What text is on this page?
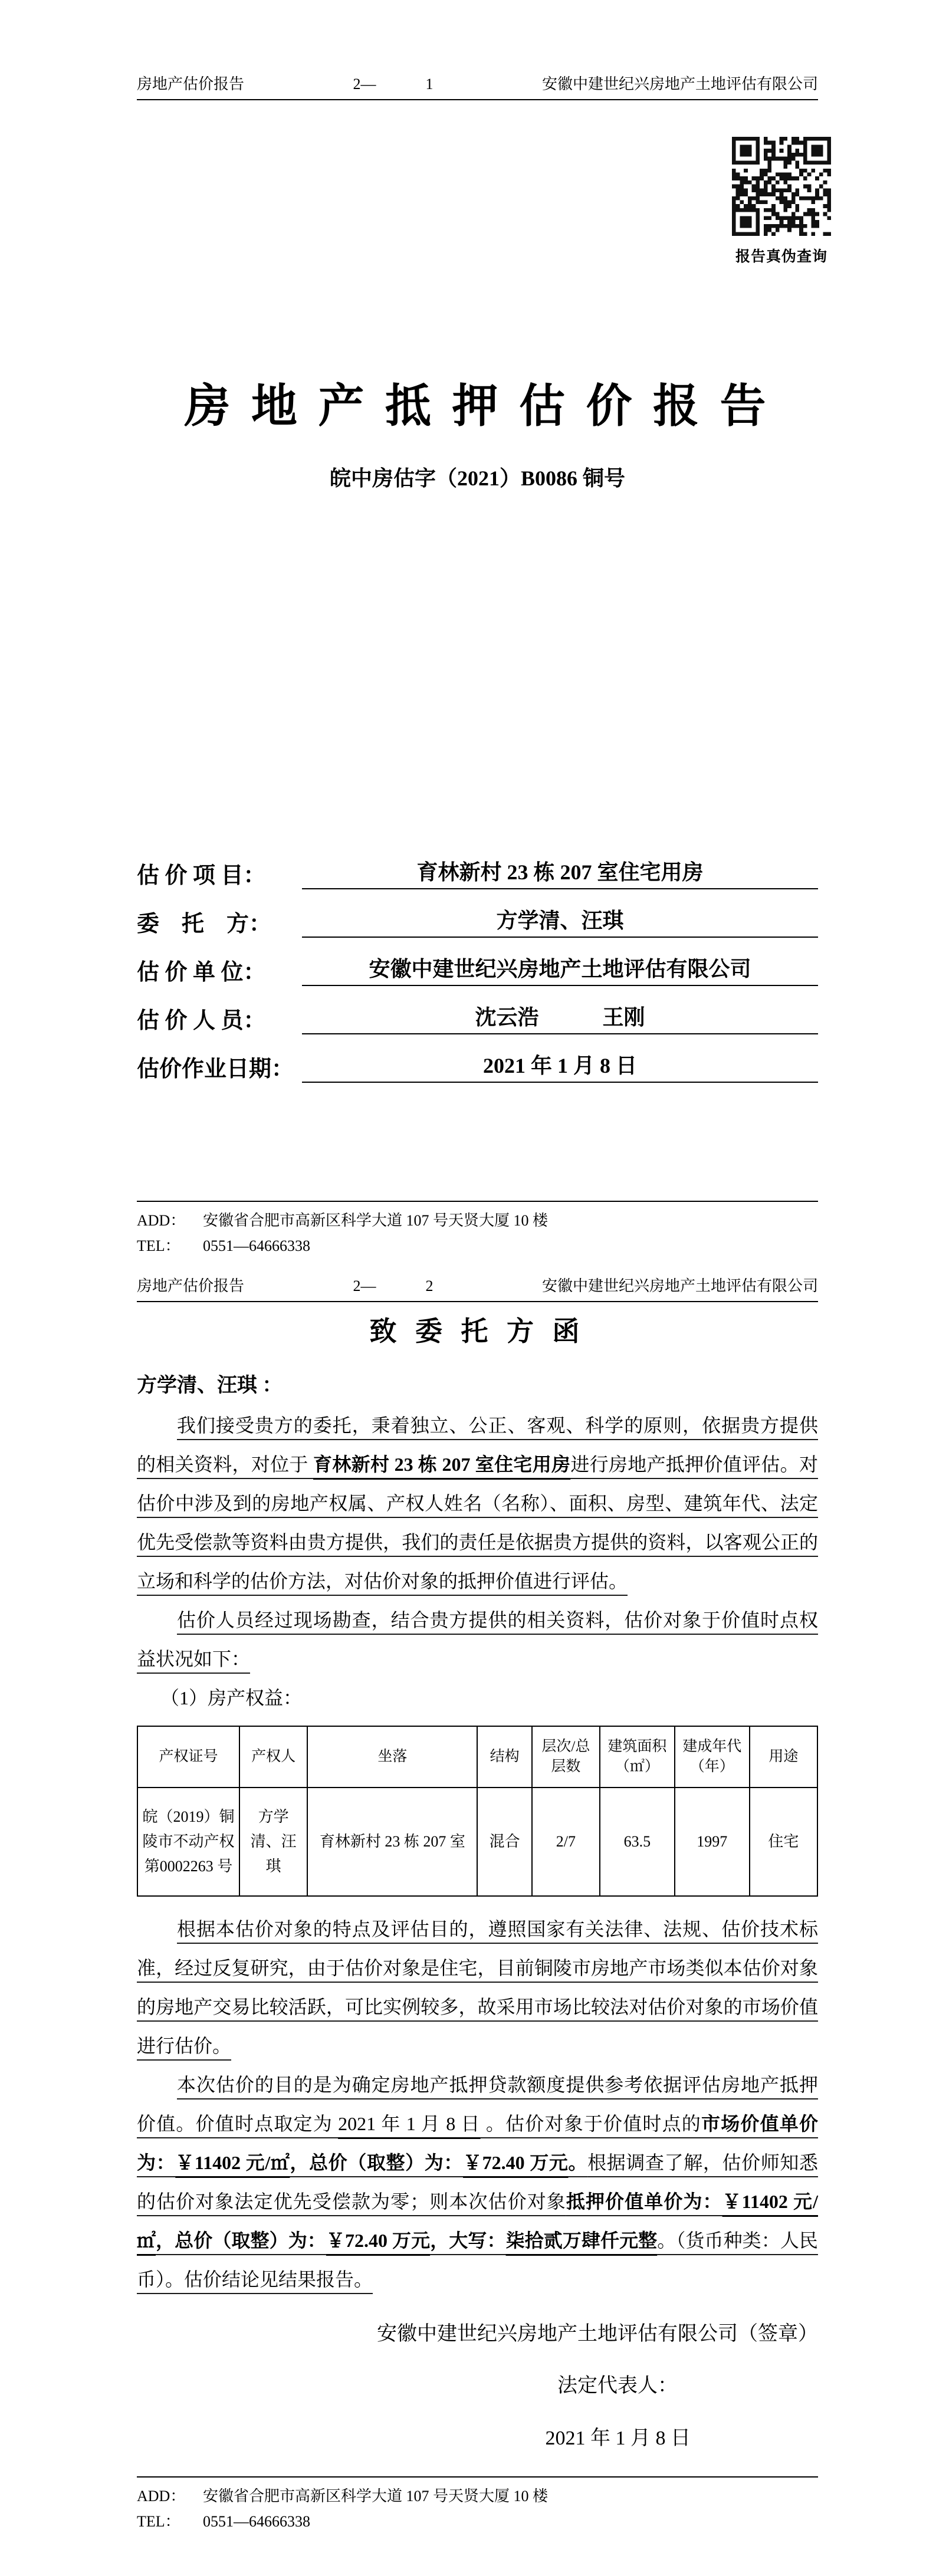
房地产估价报告	2—	1	安徽中建世纪兴房地产土地评估有限公司
报告真伪查询
房 地 产 抵 押 估 价 报 告
皖中房估字（2021）B0086 铜号
估 价 项 目：	育林新村 23 栋 207 室住宅用房
委　托　方：	方学清、汪琪
估 价 单 位：	安徽中建世纪兴房地产土地评估有限公司
估 价 人 员：	沈云浩　　　王刚
估价作业日期：	2021 年 1 月 8 日
ADD： 安徽省合肥市高新区科学大道 107 号天贤大厦 10 楼
TEL： 0551—64666338
房地产估价报告	2—	2	安徽中建世纪兴房地产土地评估有限公司
致 委 托 方 函
方学清、汪琪 ：

我们接受贵方的委托，秉着独立、公正、客观、科学的原则，依据贵方提供的相关资料，对位于 育林新村 23 栋 207 室住宅用房进行房地产抵押价值评估。对估价中涉及到的房地产权属、产权人姓名（名称）、面积、房型、建筑年代、法定优先受偿款等资料由贵方提供，我们的责任是依据贵方提供的资料，以客观公正的立场和科学的估价方法，对估价对象的抵押价值进行评估。

估价人员经过现场勘查，结合贵方提供的相关资料，估价对象于价值时点权益状况如下：

（1）房产权益：
产权证号	产权人	坐落	结构	层次/总层数	建筑面积（㎡）	建成年代（年）	用途
皖（2019）铜陵市不动产权第0002263 号	方学清、汪琪	育林新村 23 栋 207 室	混合	2/7	63.5	1997	住宅

根据本估价对象的特点及评估目的，遵照国家有关法律、法规、估价技术标准，经过反复研究，由于估价对象是住宅，目前铜陵市房地产市场类似本估价对象的房地产交易比较活跃，可比实例较多，故采用市场比较法对估价对象的市场价值进行估价。

本次估价的目的是为确定房地产抵押贷款额度提供参考依据评估房地产抵押价值。价值时点取定为 2021 年 1 月 8 日 。估价对象于价值时点的市场价值单价为：￥11402 元/㎡，总价（取整）为：￥72.40 万元。根据调查了解，估价师知悉的估价对象法定优先受偿款为零；则本次估价对象抵押价值单价为：￥11402 元/㎡，总价（取整）为：￥72.40 万元，大写：柒拾贰万肆仟元整。（货币种类：人民币）。估价结论见结果报告。

安徽中建世纪兴房地产土地评估有限公司（签章）
法定代表人：
2021 年 1 月 8 日
ADD： 安徽省合肥市高新区科学大道 107 号天贤大厦 10 楼
TEL： 0551—64666338
